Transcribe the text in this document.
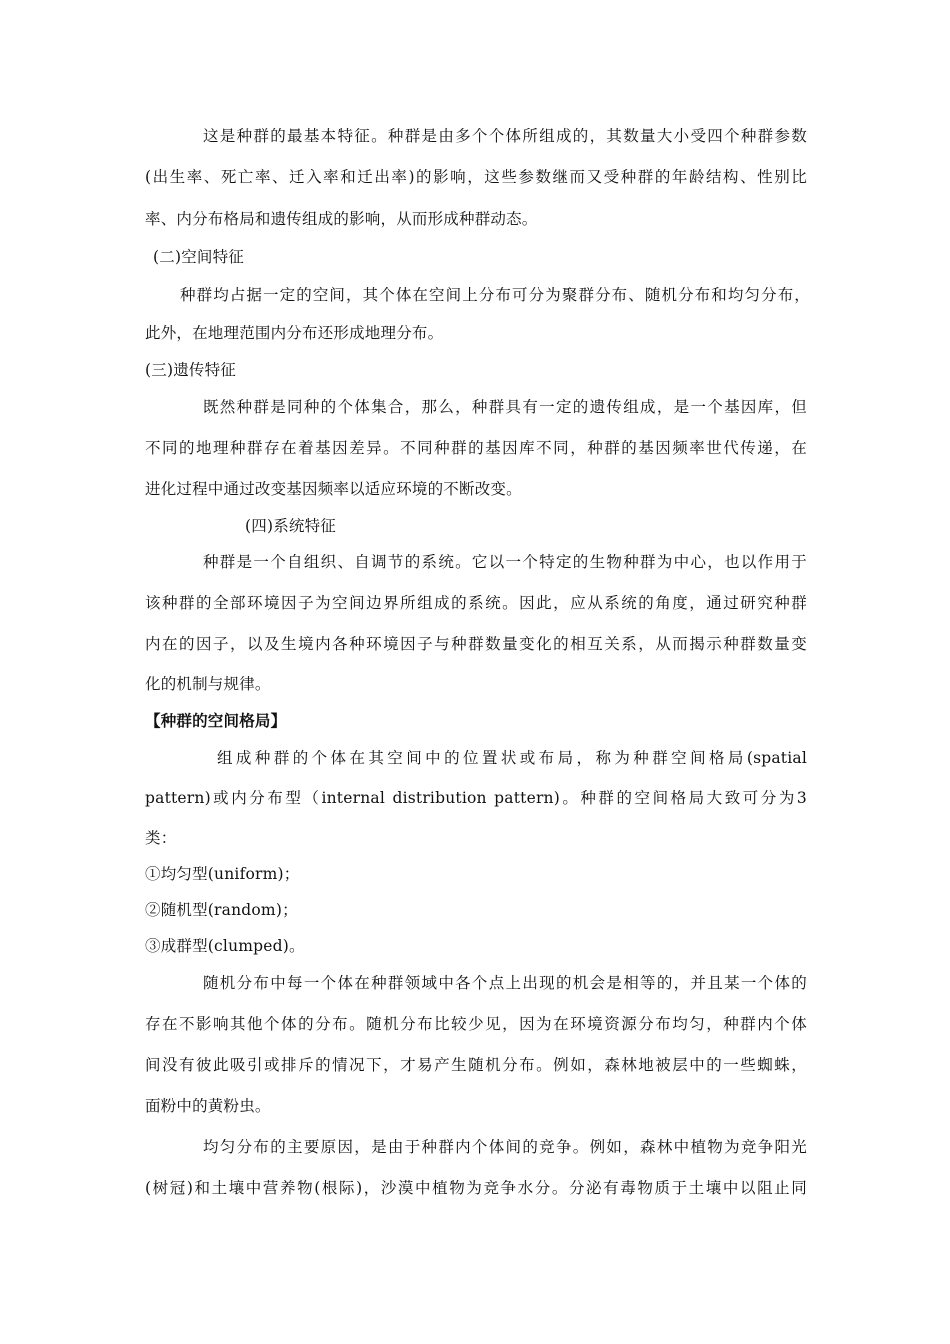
这是种群的最基本特征。种群是由多个个体所组成的，其数量大小受四个种群参数
(出生率、死亡率、迁入率和迁出率)的影响，这些参数继而又受种群的年龄结构、性别比
率、内分布格局和遗传组成的影响，从而形成种群动态。
(二)空间特征
种群均占据一定的空间，其个体在空间上分布可分为聚群分布、随机分布和均匀分布，
此外，在地理范围内分布还形成地理分布。
(三)遗传特征
既然种群是同种的个体集合，那么，种群具有一定的遗传组成，是一个基因库，但
不同的地理种群存在着基因差异。不同种群的基因库不同，种群的基因频率世代传递，在
进化过程中通过改变基因频率以适应环境的不断改变。
(四)系统特征
种群是一个自组织、自调节的系统。它以一个特定的生物种群为中心，也以作用于
该种群的全部环境因子为空间边界所组成的系统。因此，应从系统的角度，通过研究种群
内在的因子，以及生境内各种环境因子与种群数量变化的相互关系，从而揭示种群数量变
化的机制与规律。
【种群的空间格局】
组成种群的个体在其空间中的位置状或布局，称为种群空间格局(spatial
pattern)或内分布型（internal distribution pattern)。种群的空间格局大致可分为3
类：
①均匀型(uniform)；
②随机型(random)；
③成群型(clumped)。
随机分布中每一个体在种群领域中各个点上出现的机会是相等的，并且某一个体的
存在不影响其他个体的分布。随机分布比较少见，因为在环境资源分布均匀，种群内个体
间没有彼此吸引或排斥的情况下，才易产生随机分布。例如，森林地被层中的一些蜘蛛，
面粉中的黄粉虫。
均匀分布的主要原因，是由于种群内个体间的竞争。例如，森林中植物为竞争阳光
(树冠)和土壤中营养物(根际)，沙漠中植物为竞争水分。分泌有毒物质于土壤中以阻止同
